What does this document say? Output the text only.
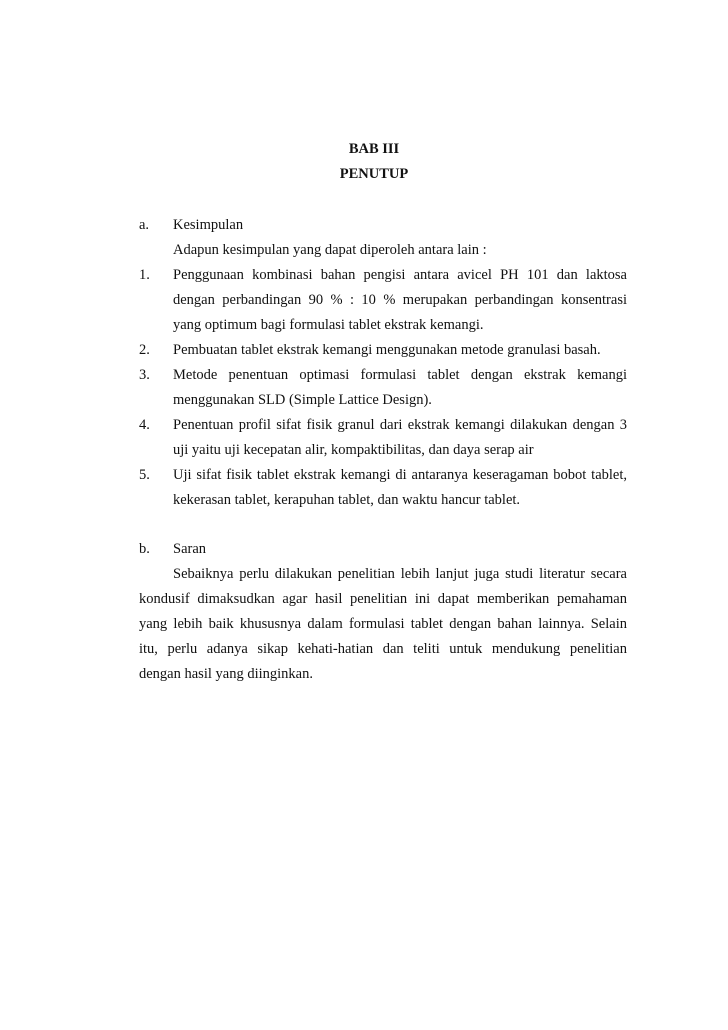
BAB III
PENUTUP
a. Kesimpulan
Adapun kesimpulan yang dapat diperoleh antara lain :
1. Penggunaan kombinasi bahan pengisi antara avicel PH 101 dan laktosa
dengan perbandingan 90 % : 10 % merupakan perbandingan konsentrasi
yang optimum bagi formulasi tablet ekstrak kemangi.
2. Pembuatan tablet ekstrak kemangi menggunakan metode granulasi basah.
3. Metode penentuan optimasi formulasi tablet dengan ekstrak kemangi
menggunakan SLD (Simple Lattice Design).
4. Penentuan profil sifat fisik granul dari ekstrak kemangi dilakukan dengan 3
uji yaitu uji kecepatan alir, kompaktibilitas, dan daya serap air
5. Uji sifat fisik tablet ekstrak kemangi di antaranya keseragaman bobot tablet,
kekerasan tablet, kerapuhan tablet, dan waktu hancur tablet.
b. Saran
Sebaiknya perlu dilakukan penelitian lebih lanjut juga studi literatur secara
kondusif dimaksudkan agar hasil penelitian ini dapat memberikan pemahaman
yang lebih baik khususnya dalam formulasi tablet dengan bahan lainnya. Selain
itu, perlu adanya sikap kehati-hatian dan teliti untuk mendukung penelitian
dengan hasil yang diinginkan.
